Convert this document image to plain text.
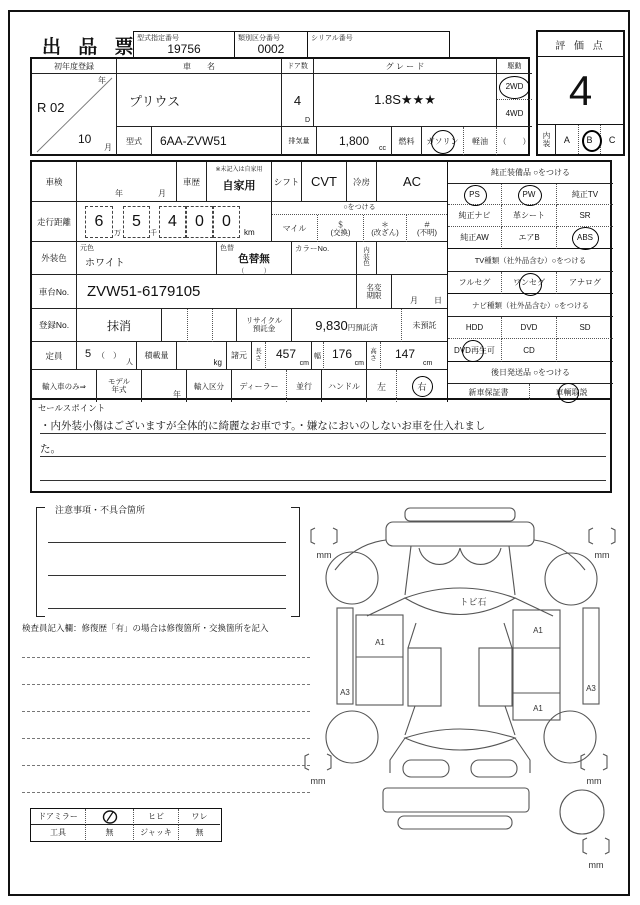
出 品 票
型式指定番号
19756
類別区分番号
0002
シリアル番号
評 価 点
4
内
装	A	B	C
初年度登録
年
R 02
10
月
車　　名
プリウス
ドア数
4
D
グ レ ー ド
1.8S★★★
駆動
2WD
4WD
型式	6AA-ZVW51	排気量	1,800
cc
燃料	ガソリン	軽油	（　　）
車検
年	月
車歴
※未記入は自家用
自家用	シフト CVT	冷房	AC
走行距離	6
万
5
千
4	0	0
km
○をつける
マイル	＄
(交換)
＊
(改ざん)
＃
(不明)
外装色
元色
ホワイト
色替
色替無
（　　　）
カラーNo.	内
装
色
車台No.	ZVW51-6179105	名変
期限
月 日
登録No.	抹消	リサイクル
預託金	9,830 円預託済	未預託
定員	5 （　）
人
積載量
kg
諸元	長
さ 457
cm
幅 176
cm
高
さ 147
cm
輸入車のみ⇒	モデル
年式
年
輸入区分	ディーラー	並行	ハンドル	左	右
純正装備品 ○をつける
PS	PW	純正TV
純正ナビ	革シート	SR
純正AW	エアB	ABS
TV種類（社外品含む）○をつける
フルセグ	ワンセグ	アナログ
ナビ種類（社外品含む）○をつける
HDD	DVD	SD
DVD再生可	CD
後日発送品 ○をつける
新車保証書	車輌取説
セールスポイント
・内外装小傷はございますが全体的に綺麗なお車です。・嫌なにおいのしないお車を仕入れまし
た。
注意事項・不具合箇所
検査員記入欄：修復歴「有」の場合は修復箇所・交換箇所を記入
ドアミラー	ヒビ	ワレ
工具	無	ジャッキ	無
mm	mm
mm	mm
mm
トビ石
A1
A3
A1
A3
A1
